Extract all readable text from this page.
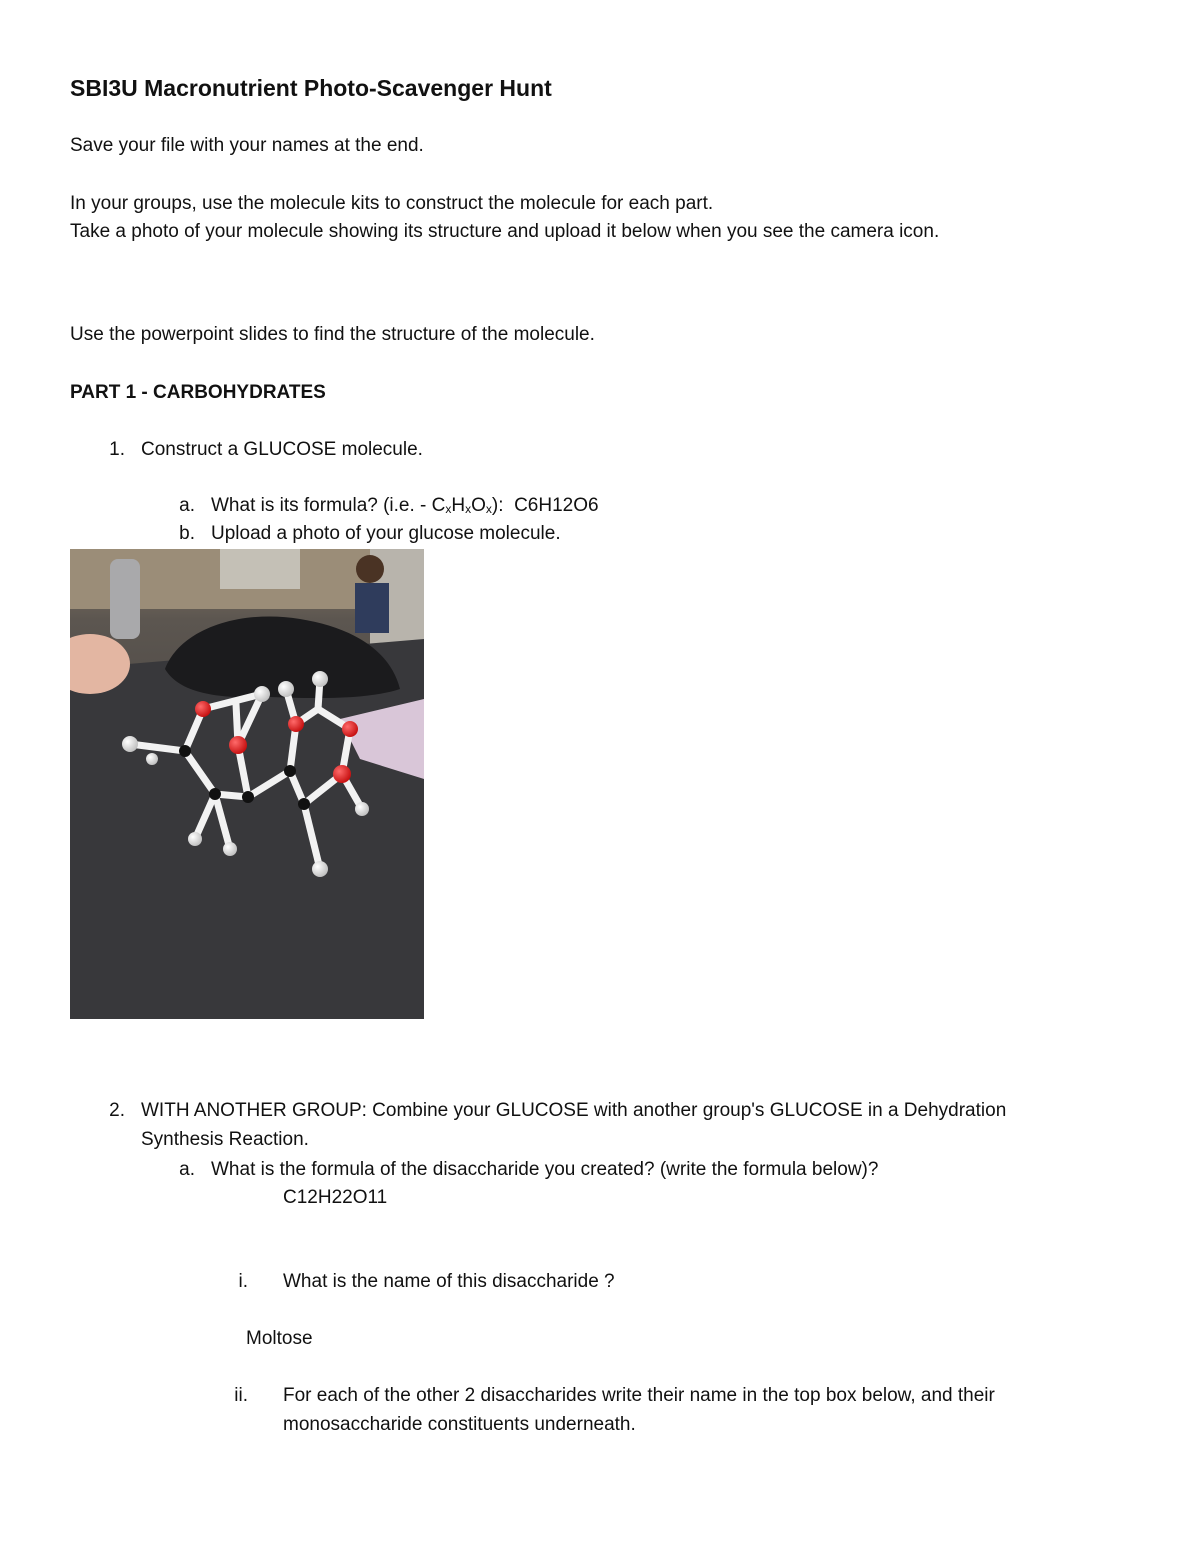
SBI3U Macronutrient Photo-Scavenger Hunt
Save your file with your names at the end.
In your groups, use the molecule kits to construct the molecule for each part.
Take a photo of your molecule showing its structure and upload it below when you see the camera icon.
Use the powerpoint slides to find the structure of the molecule.
PART 1 - CARBOHYDRATES
1. Construct a GLUCOSE molecule.
a. What is its formula? (i.e. - $C_xH_xO_x$): C6H12O6
b. Upload a photo of your glucose molecule.
2. WITH ANOTHER GROUP: Combine your GLUCOSE with another group's GLUCOSE in a Dehydration
Synthesis Reaction.
a. What is the formula of the disaccharide you created? (write the formula below)?
C12H22O11
i. What is the name of this disaccharide ?
Moltose
ii. For each of the other 2 disaccharides write their name in the top box below, and their
monosaccharide constituents underneath.
